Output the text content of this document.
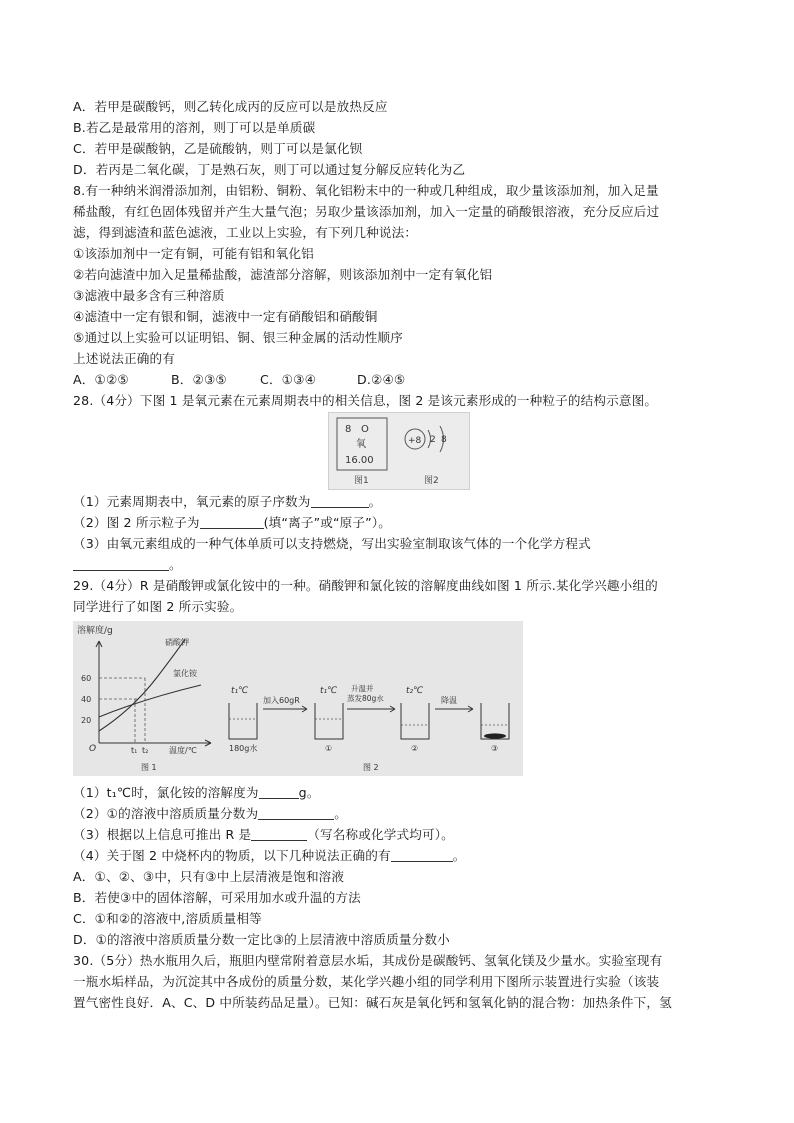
A．若甲是碳酸钙，则乙转化成丙的反应可以是放热反应
B.若乙是最常用的溶剂，则丁可以是单质碳
C．若甲是碳酸钠，乙是硫酸钠，则丁可以是氯化钡
D．若丙是二氧化碳，丁是熟石灰，则丁可以通过复分解反应转化为乙
8.有一种纳米润滑添加剂，由铝粉、铜粉、氧化铝粉末中的一种或几种组成，取少量该添加剂，加入足量
稀盐酸，有红色固体残留并产生大量气泡；另取少量该添加剂，加入一定量的硝酸银溶液，充分反应后过
滤，得到滤渣和蓝色滤液，工业以上实验，有下列几种说法：
①该添加剂中一定有铜，可能有铝和氧化铝
②若向滤渣中加入足量稀盐酸，滤渣部分溶解，则该添加剂中一定有氧化铝
③滤液中最多含有三种溶质
④滤渣中一定有银和铜，滤液中一定有硝酸铝和硝酸铜
⑤通过以上实验可以证明铝、铜、银三种金属的活动性顺序
上述说法正确的有
A．①②⑤	B．②③⑤	C．①③④	D.②④⑤
28.（4分）下图 1 是氧元素在元素周期表中的相关信息，图 2 是该元素形成的一种粒子的结构示意图。
8 O
氧
16.00
+8 2 8
图1	图2
（1）元素周期表中，氧元素的原子序数为	。
（2）图 2 所示粒子为	(填“离子”或“原子”）。
（3）由氧元素组成的一种气体单质可以支持燃烧，写出实验室制取该气体的一个化学方程式
。
29.（4分）R 是硝酸钾或氯化铵中的一种。硝酸钾和氯化铵的溶解度曲线如图 1 所示.某化学兴趣小组的
同学进行了如图 2 所示实验。
溶解度/g
60
40
20
O
硝酸钾
氯化铵
t₁ t₂	温度/℃
图 1
t₁℃
180g水
加入60gR
t₁℃
①
升温并
蒸发80g水
t₂℃
②
降温
③
图 2
（1）t₁℃时，氯化铵的溶解度为	g。
（2）①的溶液中溶质质量分数为	。
（3）根据以上信息可推出 R 是	（写名称或化学式均可）。
（4）关于图 2 中烧杯内的物质，以下几种说法正确的有	。
A．①、②、③中，只有③中上层清液是饱和溶液
B．若使③中的固体溶解，可采用加水或升温的方法
C．①和②的溶液中,溶质质量相等
D．①的溶液中溶质质量分数一定比③的上层清液中溶质质量分数小
30.（5分）热水瓶用久后，瓶胆内壁常附着意层水垢，其成份是碳酸钙、氢氧化镁及少量水。实验室现有
一瓶水垢样品，为沉淀其中各成份的质量分数，某化学兴趣小组的同学利用下图所示装置进行实验（该装
置气密性良好．A、C、D 中所装药品足量）。已知：碱石灰是氧化钙和氢氧化钠的混合物：加热条件下，氢
